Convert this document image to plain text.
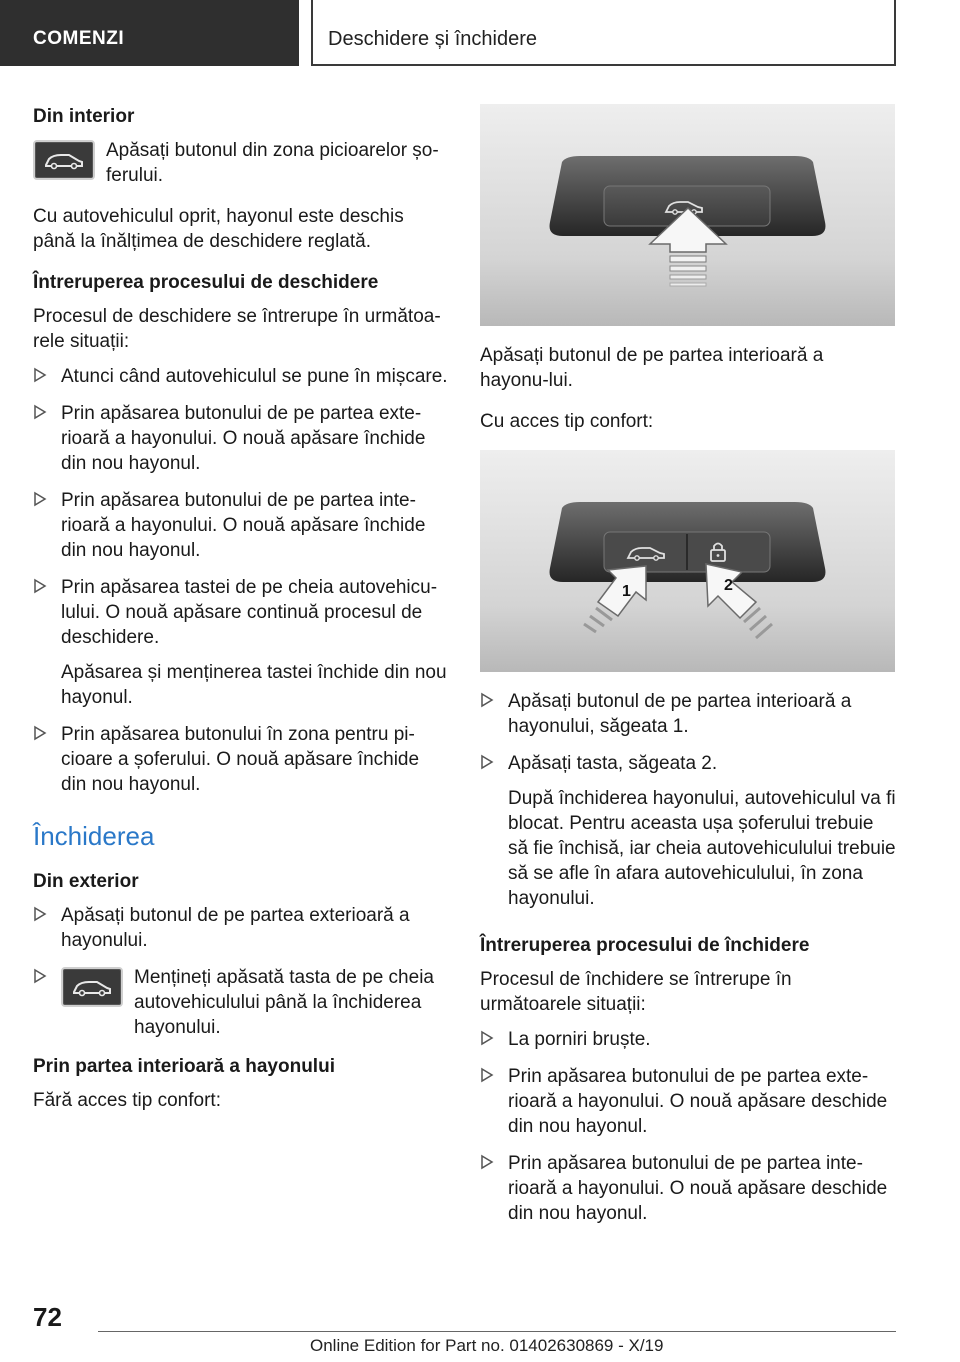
COMENZI	Deschidere și închidere
Din interior
Apăsați butonul din zona picioarelor șo-ferului.
Cu autovehiculul oprit, hayonul este deschis până la înălțimea de deschidere reglată.
Întreruperea procesului de deschidere
Procesul de deschidere se întrerupe în următoa-rele situații:
Atunci când autovehiculul se pune în mișcare.
Prin apăsarea butonului de pe partea exte-rioară a hayonului. O nouă apăsare închide din nou hayonul.
Prin apăsarea butonului de pe partea inte-rioară a hayonului. O nouă apăsare închide din nou hayonul.
Prin apăsarea tastei de pe cheia autovehicu-lului. O nouă apăsare continuă procesul de deschidere.
Apăsarea și menținerea tastei închide din nou hayonul.
Prin apăsarea butonului în zona pentru pi-cioare a șoferului. O nouă apăsare închide din nou hayonul.
Închiderea
Din exterior
Apăsați butonul de pe partea exterioară a hayonului.
Mențineți apăsată tasta de pe cheia autovehiculului până la închiderea hayonului.
Prin partea interioară a hayonului
Fără acces tip confort:
Apăsați butonul de pe partea interioară a hayonu-lui.
Cu acces tip confort:
1	2
Apăsați butonul de pe partea interioară a hayonului, săgeata 1.
Apăsați tasta, săgeata 2.
După închiderea hayonului, autovehiculul va fi blocat. Pentru aceasta ușa șoferului trebuie să fie închisă, iar cheia autovehiculului trebuie să se afle în afara autovehiculului, în zona hayonului.
Întreruperea procesului de închidere
Procesul de închidere se întrerupe în următoarele situații:
La porniri bruște.
Prin apăsarea butonului de pe partea exte-rioară a hayonului. O nouă apăsare deschide din nou hayonul.
Prin apăsarea butonului de pe partea inte-rioară a hayonului. O nouă apăsare deschide din nou hayonul.
72
Online Edition for Part no. 01402630869 - X/19
